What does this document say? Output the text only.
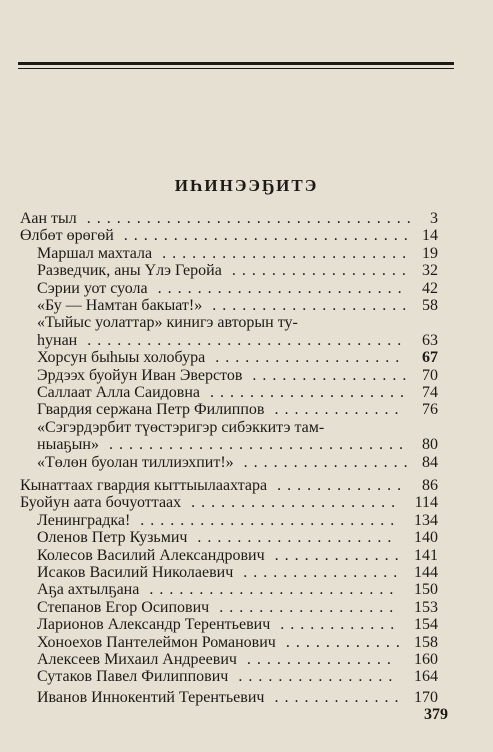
ИҺИНЭЭҔИТЭ
Аан тыл	3
.................................
Өлбөт өрөгөй	14
.............................
Маршал махтала	19
.........................
Разведчик, аны Үлэ Геройа	32
..................
Сэрии уот суола	42
.........................
«Бу — Намтан бакыат!»	58
....................
«Тыйыс уолаттар» кинигэ авторын ту-
һунан	63
................................
Хорсун быһыы холобура	67
...................
Эрдээх буойун Иван Эверстов	70
................
Саллаат Алла Саидовна	74
....................
Гвардия сержана Петр Филиппов	76
.............
«Сэгэрдэрбит түөстэригэр сибэккитэ там-
ныаҕын»	80
..............................
«Төлөн буолан тиллиэхпит!»	84
.................
Кынаттаах гвардия кыттыылаахтара	86
.............
Буойун аата бочуоттаах	114
.....................
Ленинградка!	134
..........................
Оленов Петр Кузьмич	140
....................
Колесов Василий Александрович	141
.............
Исаков Василий Николаевич	144
................
Аҕа ахтылҕана	150
.........................
Степанов Егор Осипович	153
..................
Ларионов Александр Терентьевич	154
............
Хоноехов Пантелеймон Романович	158
............
Алексеев Михаил Андреевич	160
...............
Сутаков Павел Филиппович	164
................
Иванов Иннокентий Терентьевич	170
.............
379
